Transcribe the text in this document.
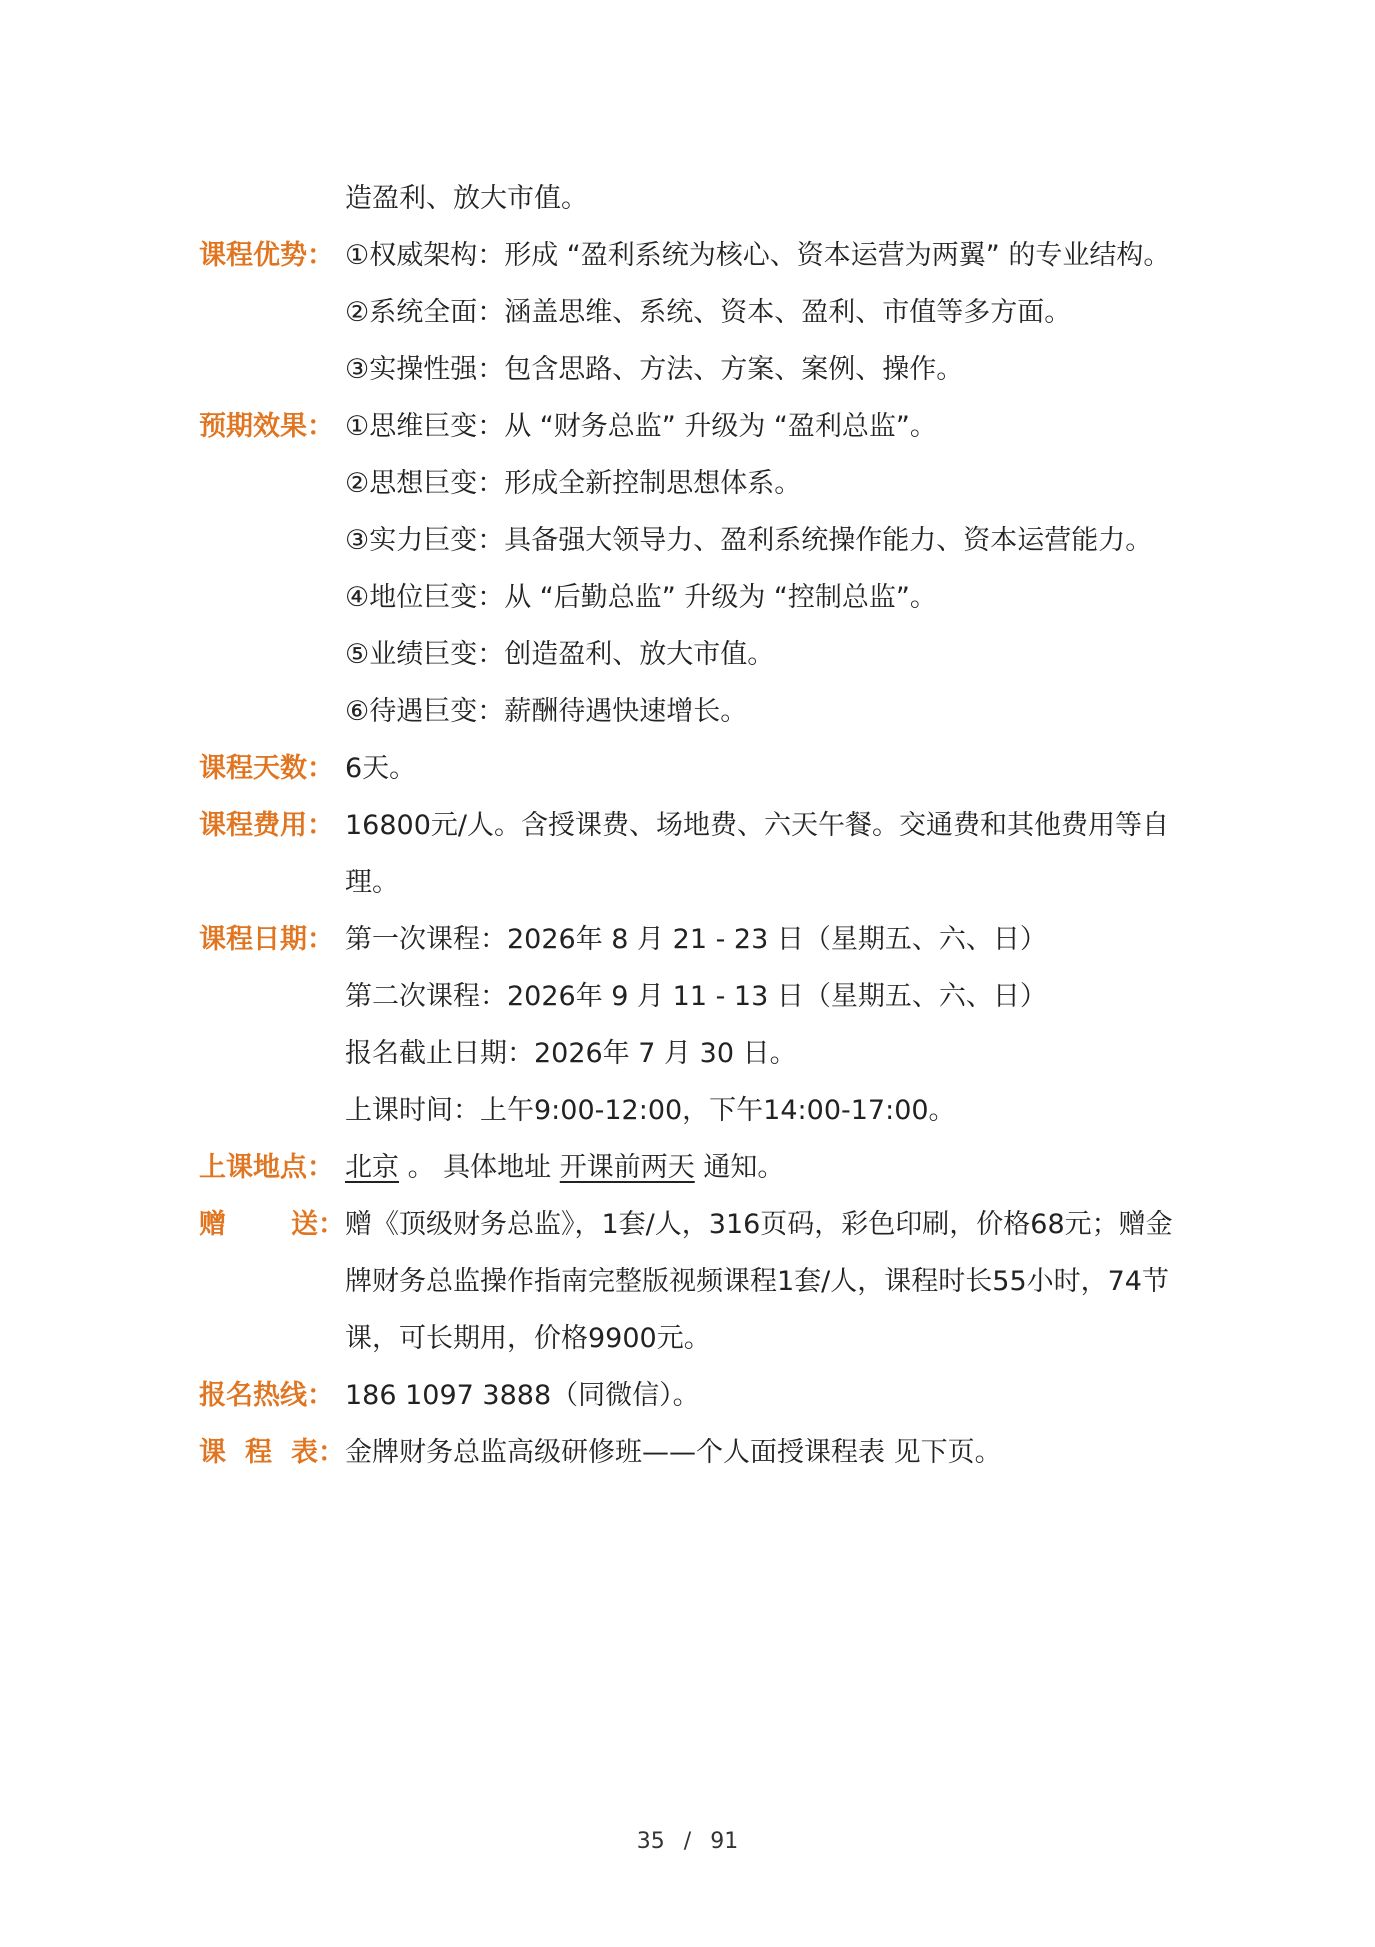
造盈利、放大市值。
课程优势： ①权威架构：形成 “盈利系统为核心、资本运营为两翼” 的专业结构。
②系统全面：涵盖思维、系统、资本、盈利、市值等多方面。
③实操性强：包含思路、方法、方案、案例、操作。
预期效果： ①思维巨变：从 “财务总监” 升级为 “盈利总监”。
②思想巨变：形成全新控制思想体系。
③实力巨变：具备强大领导力、盈利系统操作能力、资本运营能力。
④地位巨变：从 “后勤总监” 升级为 “控制总监”。
⑤业绩巨变：创造盈利、放大市值。
⑥待遇巨变：薪酬待遇快速增长。
课程天数： 6天。
课程费用： 16800元/人。含授课费、场地费、六天午餐。交通费和其他费用等自理。
课程日期： 第一次课程：2026年 8 月 21 - 23 日（星期五、六、日）
第二次课程：2026年 9 月 11 - 13 日（星期五、六、日）
报名截止日期：2026年 7 月 30 日。
上课时间：上午9:00-12:00，下午14:00-17:00。
上课地点： 北京 。 具体地址 开课前两天 通知。
赠 送： 赠《顶级财务总监》，1套/人，316页码，彩色印刷，价格68元；赠金牌财务总监操作指南完整版视频课程1套/人，课程时长55小时，74节课，可长期用，价格9900元。
报名热线： 186 1097 3888（同微信）。
课 程 表： 金牌财务总监高级研修班——个人面授课程表 见下页。
35 / 91
